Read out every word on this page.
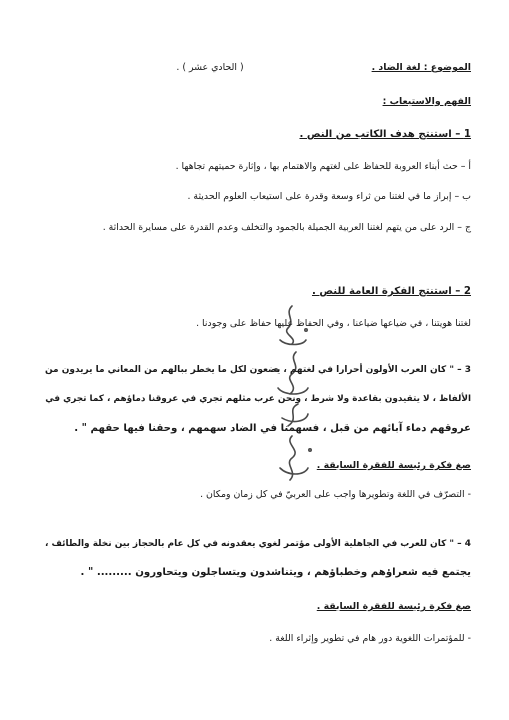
الموضوع : لغة الضاد .
( الحادي عشر ) .
الفهم والاستيعاب :
1 – استنتج هدف الكاتب من النص .
أ – حث أبناء العروبة للحفاظ على لغتهم والاهتمام بها ، وإثارة حميتهم تجاهها .
ب – إبراز ما في لغتنا من ثراء وسعة وقدرة على استيعاب العلوم الحديثة .
ج – الرد على من يتهم لغتنا العربية الجميلة بالجمود والتخلف وعدم القدرة على مسايرة الحداثة .
2 – استنتج الفكرة العامة للنص .
لغتنا هويتنا ، في ضياعها ضياعنا ، وفي الحفاظ عليها حفاظ على وجودنا .
3 – " كان العرب الأولون أحرارا في لغتهم ، يضعون لكل ما يخطر ببالهم من المعاني ما يريدون من
الألفاظ ، لا يتقيدون بقاعدة ولا شرط ، ونحن عرب مثلهم تجري في عروقنا دماؤهم ، كما تجري في
عروقهم دماء آبائهم من قبل ، فسهمنا في الضاد سهمهم ، وحقنا فيها حقهم " .
صغ فكرة رئيسة للفقرة السابقة .
- التصرّف في اللغة وتطويرها واجب على العربيّ في كل زمان ومكان .
4 – " كان للعرب في الجاهلية الأولى مؤتمر لغوي يعقدونه في كل عام بالحجاز بين نخلة والطائف ،
يجتمع فيه شعراؤهم وخطباؤهم ، ويتناشدون ويتساجلون ويتحاورون ......... " .
صغ فكرة رئيسة للفقرة السابقة .
- للمؤتمرات اللغوية دور هام في تطوير وإثراء اللغة .
